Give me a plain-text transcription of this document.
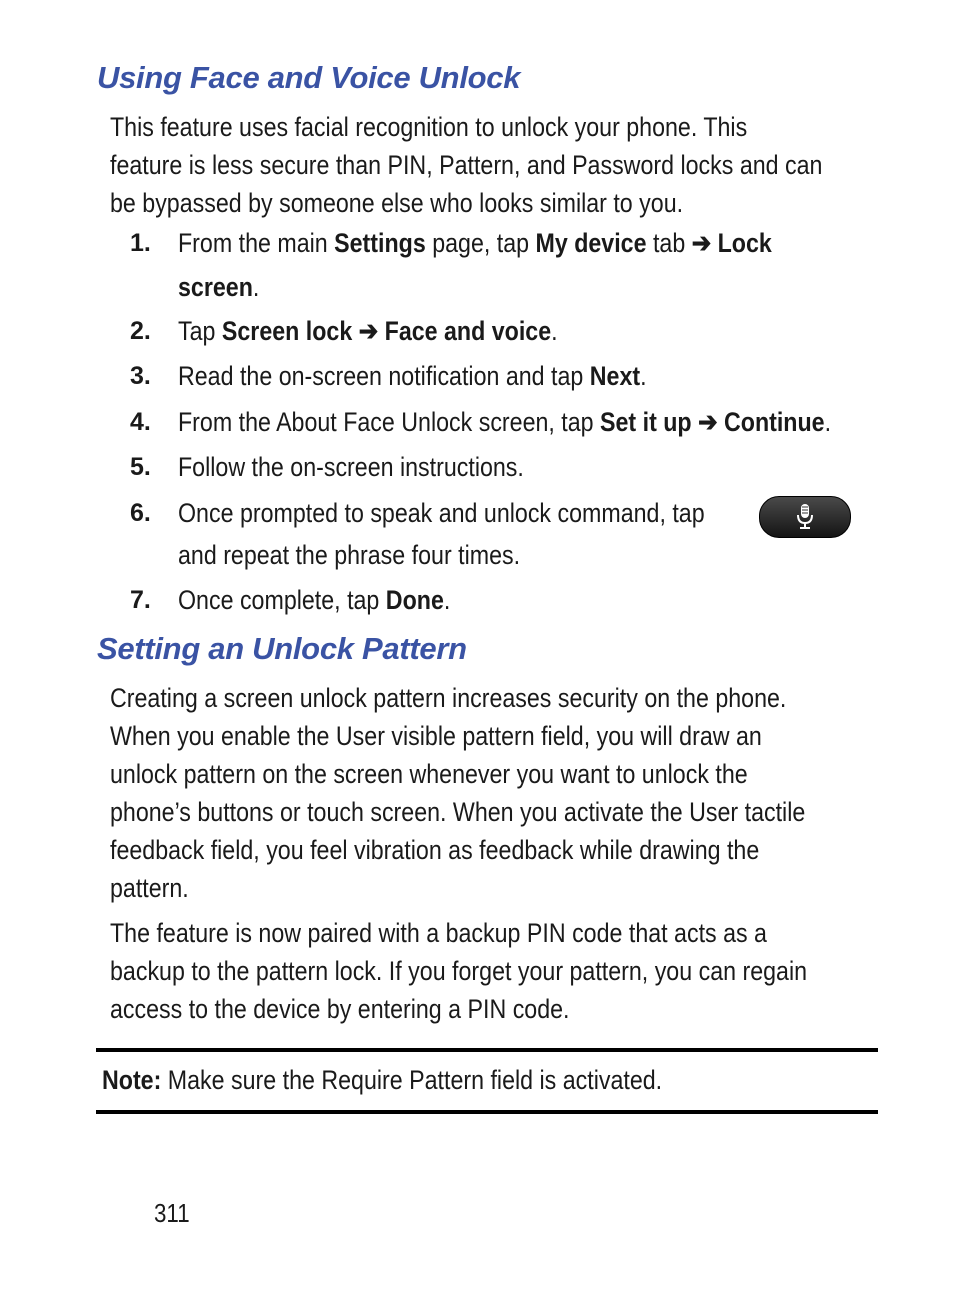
Using Face and Voice Unlock
This feature uses facial recognition to unlock your phone. This
feature is less secure than PIN, Pattern, and Password locks and can
be bypassed by someone else who looks similar to you.
1. From the main Settings page, tap My device tab ➔ Lock
screen.
2. Tap Screen lock ➔ Face and voice.
3. Read the on-screen notification and tap Next.
4. From the About Face Unlock screen, tap Set it up ➔ Continue.
5. Follow the on-screen instructions.
6. Once prompted to speak and unlock command, tap
and repeat the phrase four times.
7. Once complete, tap Done.
Setting an Unlock Pattern
Creating a screen unlock pattern increases security on the phone.
When you enable the User visible pattern field, you will draw an
unlock pattern on the screen whenever you want to unlock the
phone’s buttons or touch screen. When you activate the User tactile
feedback field, you feel vibration as feedback while drawing the
pattern.
The feature is now paired with a backup PIN code that acts as a
backup to the pattern lock. If you forget your pattern, you can regain
access to the device by entering a PIN code.
Note: Make sure the Require Pattern field is activated.
311
